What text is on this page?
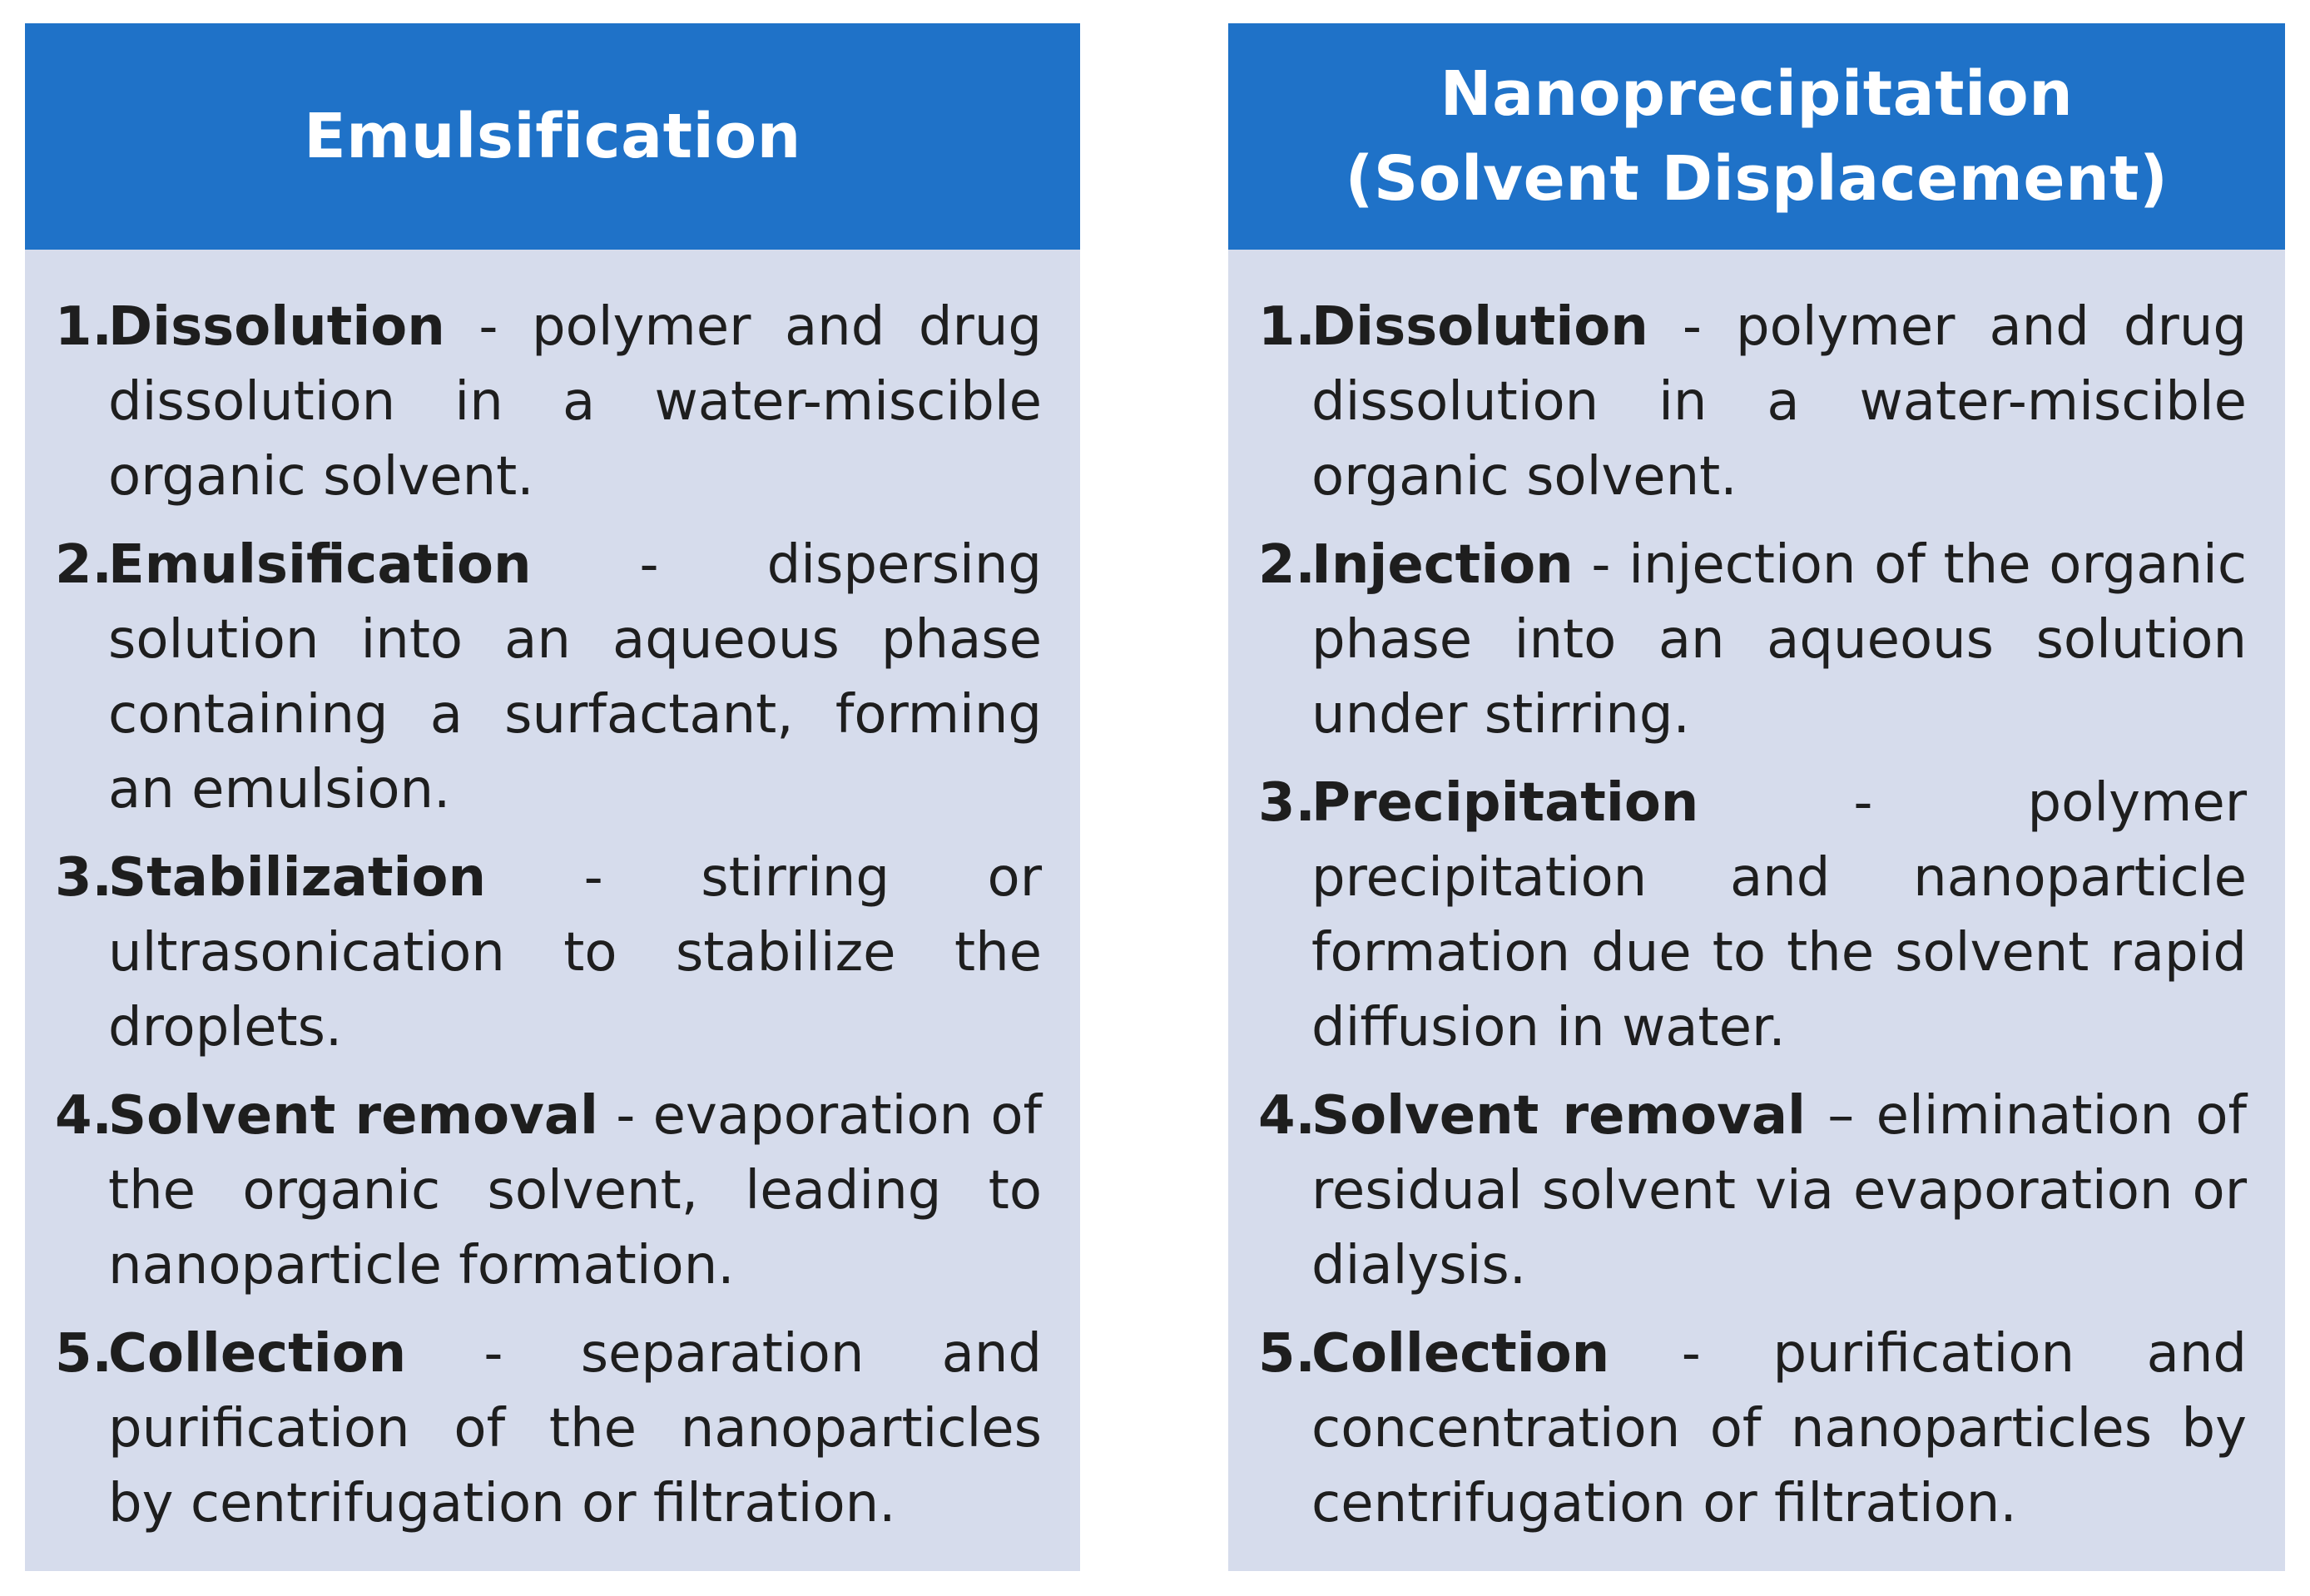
Emulsification
1.
Dissolution - polymer and drug dissolution in a water-miscible organic solvent.
2.
Emulsification - dispersing solution into an aqueous phase containing a surfactant, forming an emulsion.
3.
Stabilization - stirring or ultrasonication to stabilize the droplets.
4.
Solvent removal - evaporation of the organic solvent, leading to nanoparticle formation.
5.
Collection - separation and purification of the nanoparticles by centrifugation or filtration.
Nanoprecipitation
(Solvent Displacement)
1.
Dissolution - polymer and drug dissolution in a water-miscible organic solvent.
2.
Injection - injection of the organic phase into an aqueous solution under stirring.
3.
Precipitation - polymer precipitation and nanoparticle formation due to the solvent rapid diffusion in water.
4.
Solvent removal – elimination of residual solvent via evaporation or dialysis.
5.
Collection - purification and concentration of nanoparticles by centrifugation or filtration.
